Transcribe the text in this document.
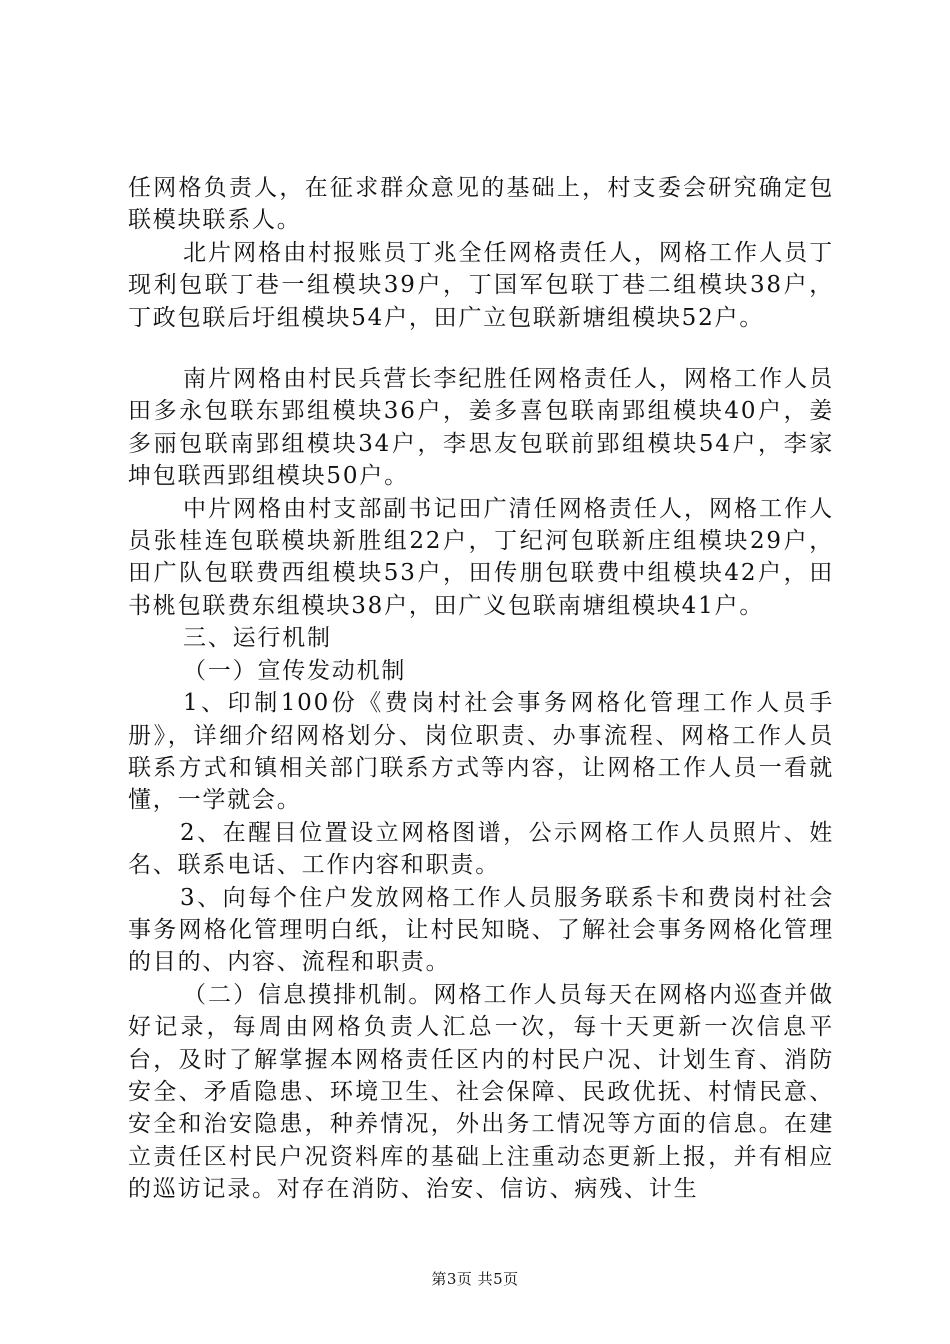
任网格负责人，在征求群众意见的基础上，村支委会研究确定包联模块联系人。

北片网格由村报账员丁兆全任网格责任人，网格工作人员丁现利包联丁巷一组模块39户，丁国军包联丁巷二组模块38户，丁政包联后圩组模块54户，田广立包联新塘组模块52户。

南片网格由村民兵营长李纪胜任网格责任人，网格工作人员田多永包联东郢组模块36户，姜多喜包联南郢组模块40户，姜多丽包联南郢组模块34户，李思友包联前郢组模块54户，李家坤包联西郢组模块50户。

中片网格由村支部副书记田广清任网格责任人，网格工作人员张桂连包联模块新胜组22户，丁纪河包联新庄组模块29户，田广队包联费西组模块53户，田传朋包联费中组模块42户，田书桃包联费东组模块38户，田广义包联南塘组模块41户。

三、运行机制

（一）宣传发动机制

1、印制100份《费岗村社会事务网格化管理工作人员手册》，详细介绍网格划分、岗位职责、办事流程、网格工作人员联系方式和镇相关部门联系方式等内容，让网格工作人员一看就懂，一学就会。

2、在醒目位置设立网格图谱，公示网格工作人员照片、姓名、联系电话、工作内容和职责。

3、向每个住户发放网格工作人员服务联系卡和费岗村社会事务网格化管理明白纸，让村民知晓、了解社会事务网格化管理的目的、内容、流程和职责。

（二）信息摸排机制。网格工作人员每天在网格内巡查并做好记录，每周由网格负责人汇总一次，每十天更新一次信息平台，及时了解掌握本网格责任区内的村民户况、计划生育、消防安全、矛盾隐患、环境卫生、社会保障、民政优抚、村情民意、安全和治安隐患，种养情况，外出务工情况等方面的信息。在建立责任区村民户况资料库的基础上注重动态更新上报，并有相应的巡访记录。对存在消防、治安、信访、病残、计生

第3页 共5页
